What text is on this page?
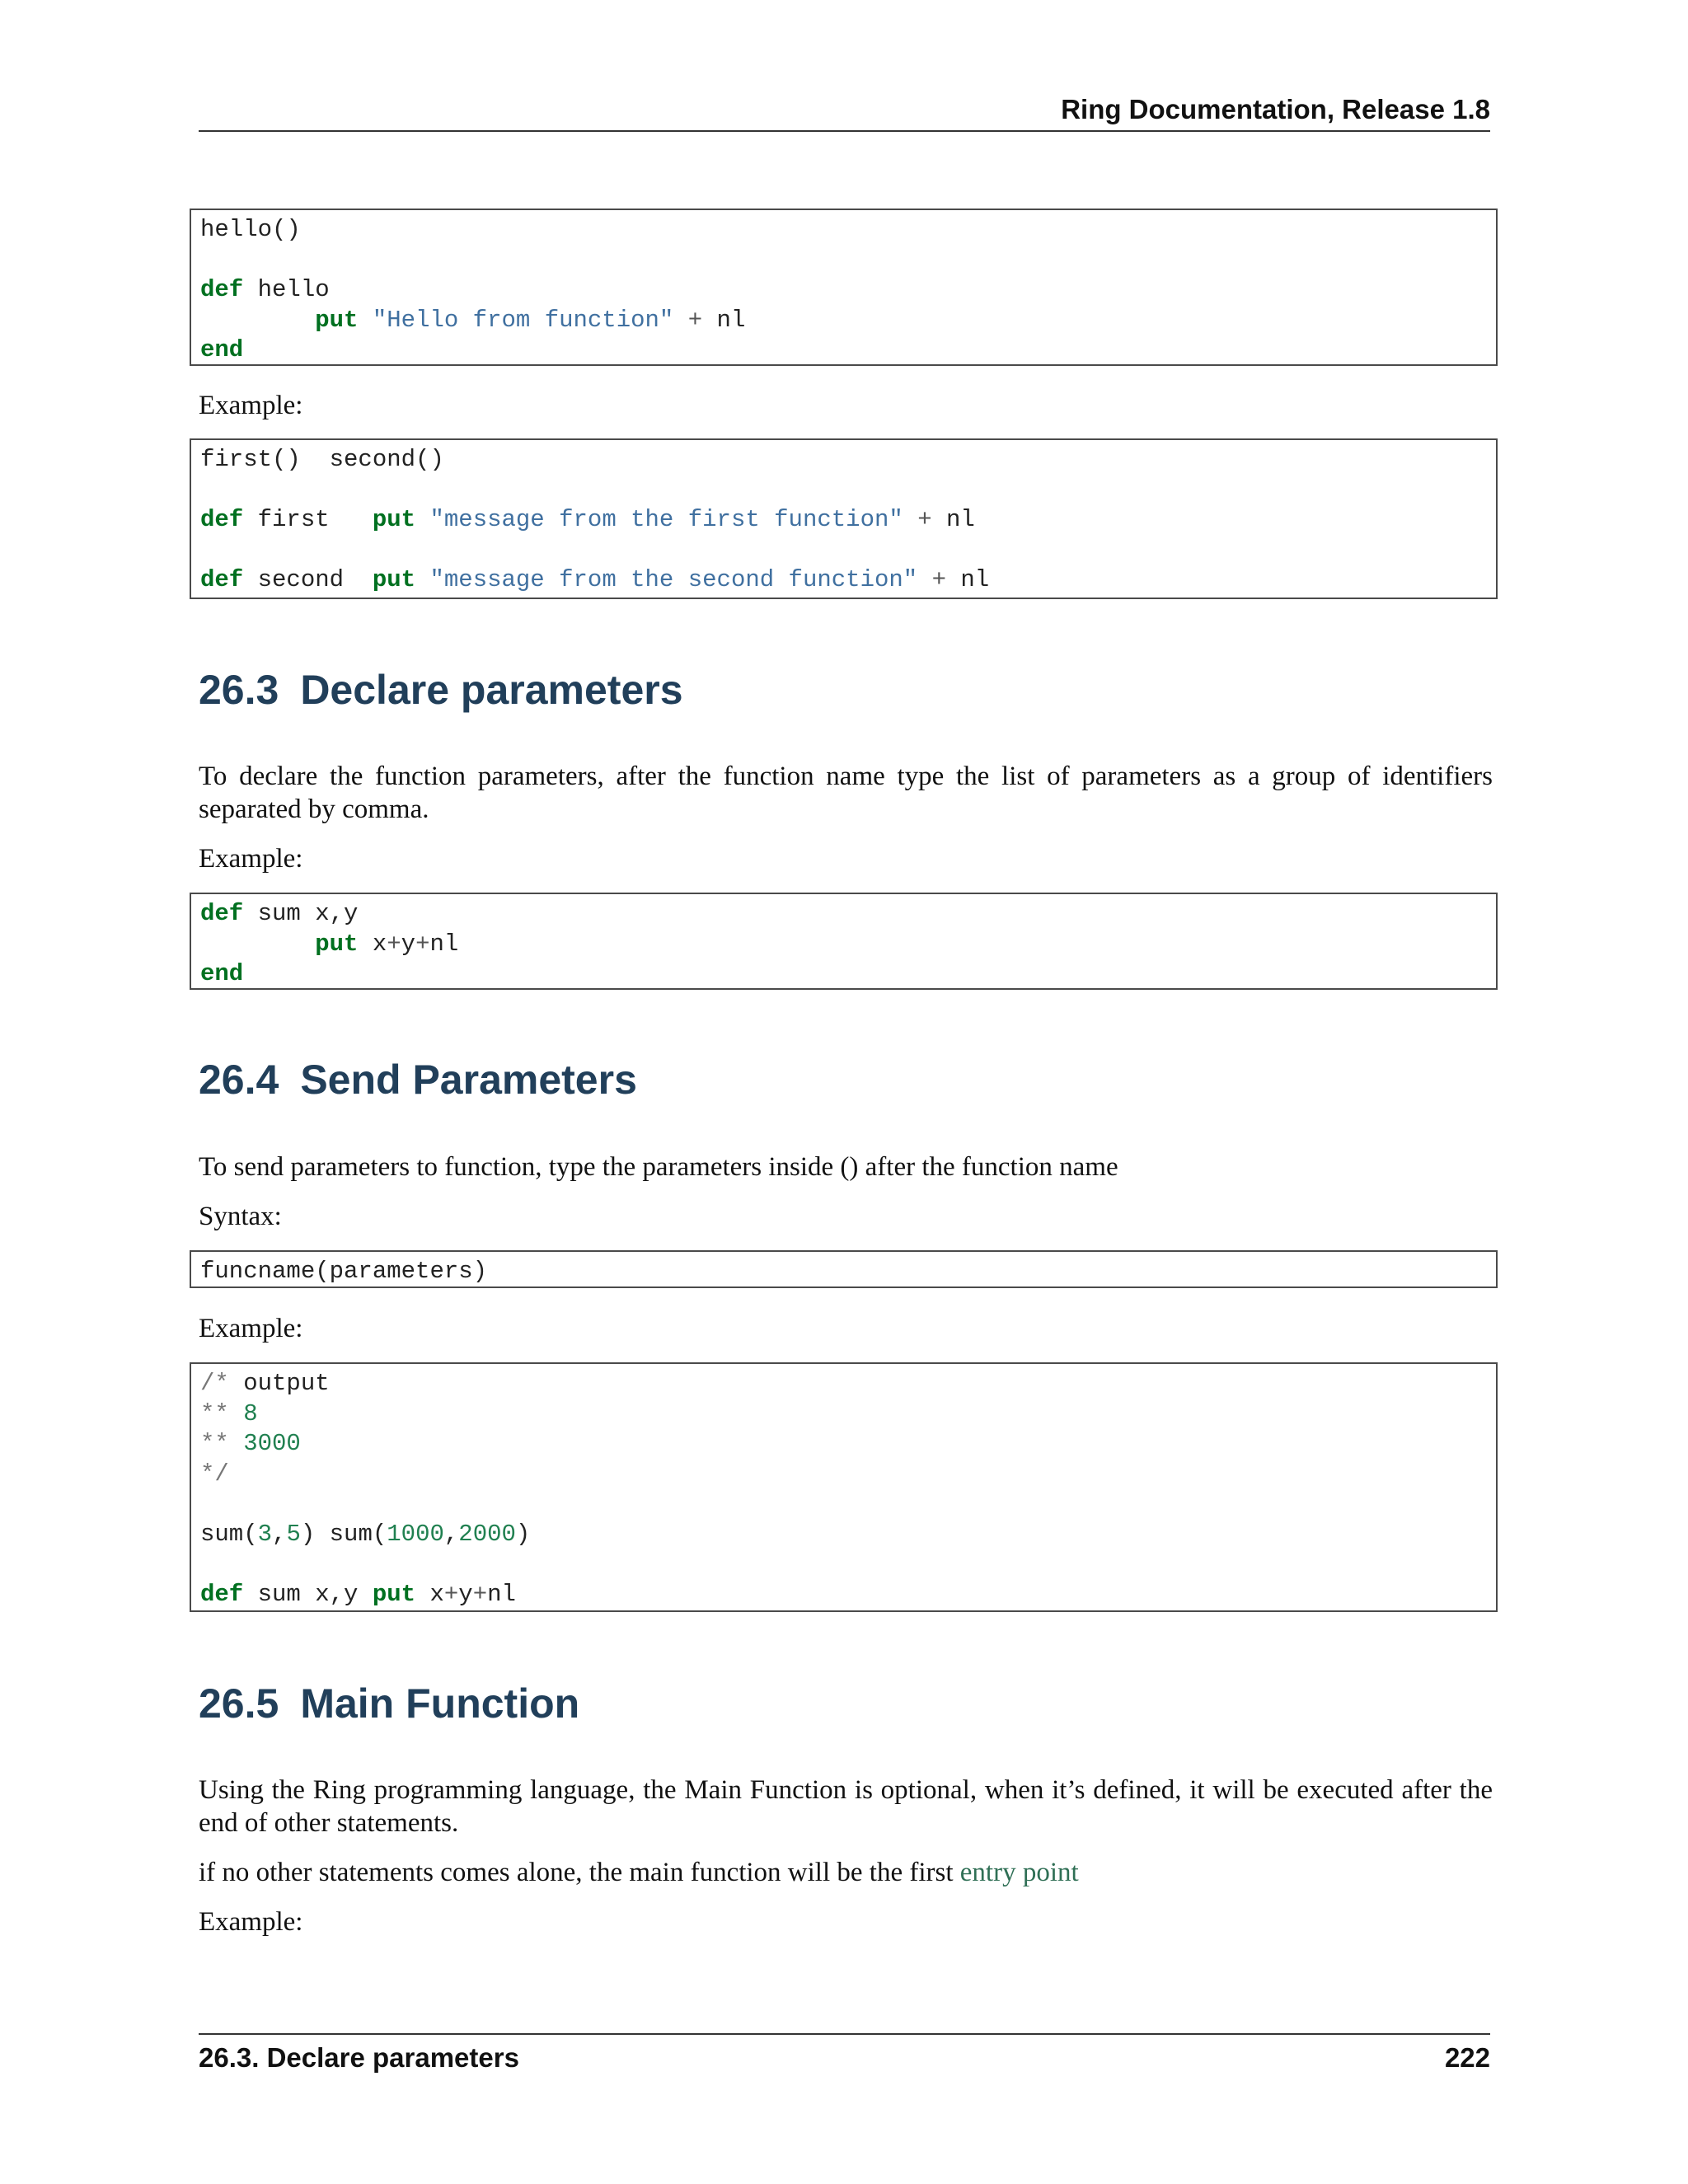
Ring Documentation, Release 1.8
hello()

def hello
put "Hello from function" + nl
end
Example:
first()  second()

def first   put "message from the first function" + nl

def second  put "message from the second function" + nl
26.3 Declare parameters
To declare the function parameters, after the function name type the list of parameters as a group of identifiers separated by comma.
Example:
def sum x,y
put x+y+nl
end
26.4 Send Parameters
To send parameters to function, type the parameters inside () after the function name
Syntax:
funcname(parameters)
Example:
/* output
** 8
** 3000
*/

sum(3,5) sum(1000,2000)

def sum x,y put x+y+nl
26.5 Main Function
Using the Ring programming language, the Main Function is optional, when it’s defined, it will be executed after the end of other statements.
if no other statements comes alone, the main function will be the first entry point
Example:
26.3. Declare parameters	222
